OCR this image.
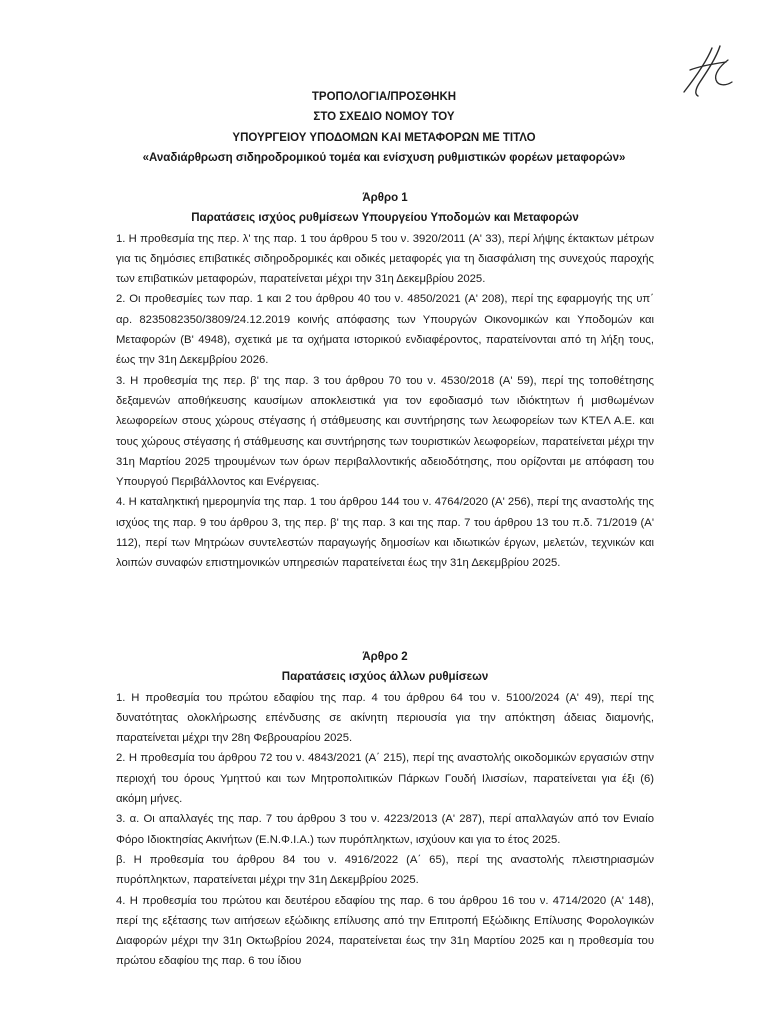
ΤΡΟΠΟΛΟΓΙΑ/ΠΡΟΣΘΗΚΗ
ΣΤΟ ΣΧΕΔΙΟ ΝΟΜΟΥ ΤΟΥ
ΥΠΟΥΡΓΕΙΟΥ ΥΠΟΔΟΜΩΝ ΚΑΙ ΜΕΤΑΦΟΡΩΝ ΜΕ ΤΙΤΛΟ
«Αναδιάρθρωση σιδηροδρομικού τομέα και ενίσχυση ρυθμιστικών φορέων μεταφορών»
Άρθρο 1
Παρατάσεις ισχύος ρυθμίσεων Υπουργείου Υποδομών και Μεταφορών

1. Η προθεσμία της περ. λ' της παρ. 1 του άρθρου 5 του ν. 3920/2011 (Α' 33), περί λήψης έκτακτων μέτρων για τις δημόσιες επιβατικές σιδηροδρομικές και οδικές μεταφορές για τη διασφάλιση της συνεχούς παροχής των επιβατικών μεταφορών, παρατείνεται μέχρι την 31η Δεκεμβρίου 2025.

2. Οι προθεσμίες των παρ. 1 και 2 του άρθρου 40 του ν. 4850/2021 (Α' 208), περί της εφαρμογής της υπ΄ αρ. 8235082350/3809/24.12.2019 κοινής απόφασης των Υπουργών Οικονομικών και Υποδομών και Μεταφορών (Β' 4948), σχετικά με τα οχήματα ιστορικού ενδιαφέροντος, παρατείνονται από τη λήξη τους, έως την 31η Δεκεμβρίου 2026.

3. Η προθεσμία της περ. β' της παρ. 3 του άρθρου 70 του ν. 4530/2018 (Α' 59), περί της τοποθέτησης δεξαμενών αποθήκευσης καυσίμων αποκλειστικά για τον εφοδιασμό των ιδιόκτητων ή μισθωμένων λεωφορείων στους χώρους στέγασης ή στάθμευσης και συντήρησης των λεωφορείων των ΚΤΕΛ Α.Ε. και τους χώρους στέγασης ή στάθμευσης και συντήρησης των τουριστικών λεωφορείων, παρατείνεται μέχρι την 31η Μαρτίου 2025 τηρουμένων των όρων περιβαλλοντικής αδειοδότησης, που ορίζονται με απόφαση του Υπουργού Περιβάλλοντος και Ενέργειας.

4. Η καταληκτική ημερομηνία της παρ. 1 του άρθρου 144 του ν. 4764/2020 (Α' 256), περί της αναστολής της ισχύος της παρ. 9 του άρθρου 3, της περ. β' της παρ. 3 και της παρ. 7 του άρθρου 13 του π.δ. 71/2019 (Α' 112), περί των Μητρώων συντελεστών παραγωγής δημοσίων και ιδιωτικών έργων, μελετών, τεχνικών και λοιπών συναφών επιστημονικών υπηρεσιών παρατείνεται έως την 31η Δεκεμβρίου 2025.

Άρθρο 2
Παρατάσεις ισχύος άλλων ρυθμίσεων

1. Η προθεσμία του πρώτου εδαφίου της παρ. 4 του άρθρου 64 του ν. 5100/2024 (Α' 49), περί της δυνατότητας ολοκλήρωσης επένδυσης σε ακίνητη περιουσία για την απόκτηση άδειας διαμονής, παρατείνεται μέχρι την 28η Φεβρουαρίου 2025.

2. Η προθεσμία του άρθρου 72 του ν. 4843/2021 (Α΄ 215), περί της αναστολής οικοδομικών εργασιών στην περιοχή του όρους Υμηττού και των Μητροπολιτικών Πάρκων Γουδή Ιλισσίων, παρατείνεται για έξι (6) ακόμη μήνες.

3. α. Οι απαλλαγές της παρ. 7 του άρθρου 3 του ν. 4223/2013 (Α' 287), περί απαλλαγών από τον Ενιαίο Φόρο Ιδιοκτησίας Ακινήτων (Ε.Ν.Φ.Ι.Α.) των πυρόπληκτων, ισχύουν και για το έτος 2025.

β. Η προθεσμία του άρθρου 84 του ν. 4916/2022 (Α΄ 65), περί της αναστολής πλειστηριασμών πυρόπληκτων, παρατείνεται μέχρι την 31η Δεκεμβρίου 2025.

4. Η προθεσμία του πρώτου και δευτέρου εδαφίου της παρ. 6 του άρθρου 16 του ν. 4714/2020 (Α' 148), περί της εξέτασης των αιτήσεων εξώδικης επίλυσης από την Επιτροπή Εξώδικης Επίλυσης Φορολογικών Διαφορών μέχρι την 31η Οκτωβρίου 2024, παρατείνεται έως την 31η Μαρτίου 2025 και η προθεσμία του πρώτου εδαφίου της παρ. 6 του ίδιου
